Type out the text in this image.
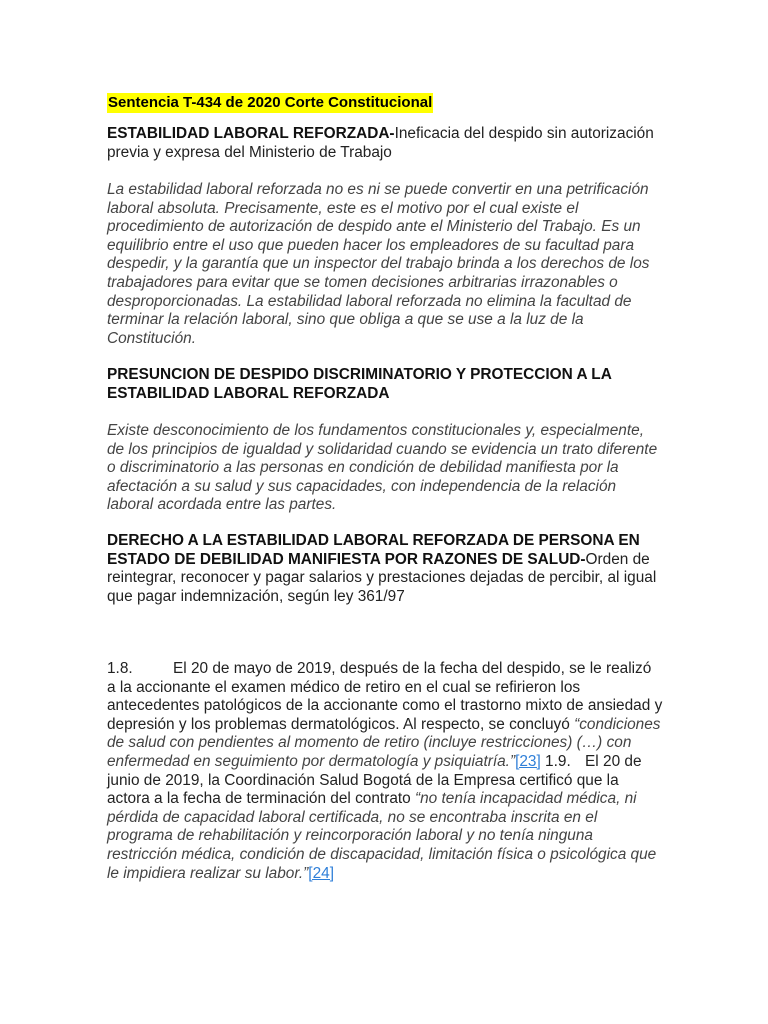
Sentencia T-434 de 2020 Corte Constitucional
ESTABILIDAD LABORAL REFORZADA-Ineficacia del despido sin autorización previa y expresa del Ministerio de Trabajo
La estabilidad laboral reforzada no es ni se puede convertir en una petrificación laboral absoluta. Precisamente, este es el motivo por el cual existe el procedimiento de autorización de despido ante el Ministerio del Trabajo. Es un equilibrio entre el uso que pueden hacer los empleadores de su facultad para despedir, y la garantía que un inspector del trabajo brinda a los derechos de los trabajadores para evitar que se tomen decisiones arbitrarias irrazonables o desproporcionadas. La estabilidad laboral reforzada no elimina la facultad de terminar la relación laboral, sino que obliga a que se use a la luz de la Constitución.
PRESUNCION DE DESPIDO DISCRIMINATORIO Y PROTECCION A LA ESTABILIDAD LABORAL REFORZADA
Existe desconocimiento de los fundamentos constitucionales y, especialmente, de los principios de igualdad y solidaridad cuando se evidencia un trato diferente o discriminatorio a las personas en condición de debilidad manifiesta por la afectación a su salud y sus capacidades, con independencia de la relación laboral acordada entre las partes.
DERECHO A LA ESTABILIDAD LABORAL REFORZADA DE PERSONA EN ESTADO DE DEBILIDAD MANIFIESTA POR RAZONES DE SALUD-Orden de reintegrar, reconocer y pagar salarios y prestaciones dejadas de percibir, al igual que pagar indemnización, según ley 361/97
1.8.	El 20 de mayo de 2019, después de la fecha del despido, se le realizó a la accionante el examen médico de retiro en el cual se refirieron los antecedentes patológicos de la accionante como el trastorno mixto de ansiedad y depresión y los problemas dermatológicos. Al respecto, se concluyó “condiciones de salud con pendientes al momento de retiro (incluye restricciones) (…) con enfermedad en seguimiento por dermatología y psiquiatría.”[23] 1.9. El 20 de junio de 2019, la Coordinación Salud Bogotá de la Empresa certificó que la actora a la fecha de terminación del contrato “no tenía incapacidad médica, ni pérdida de capacidad laboral certificada, no se encontraba inscrita en el programa de rehabilitación y reincorporación laboral y no tenía ninguna restricción médica, condición de discapacidad, limitación física o psicológica que le impidiera realizar su labor.”[24]
